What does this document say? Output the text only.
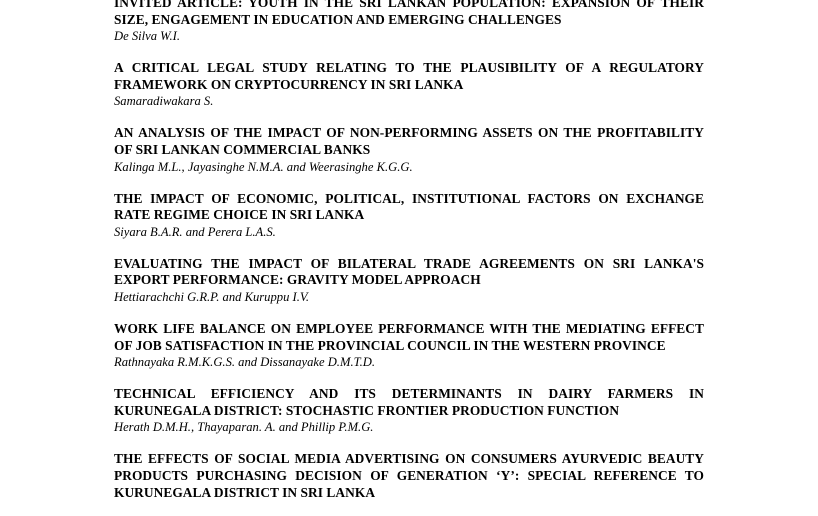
INVITED ARTICLE: YOUTH IN THE SRI LANKAN POPULATION: EXPANSION OF THEIR SIZE, ENGAGEMENT IN EDUCATION AND EMERGING CHALLENGES
De Silva W.I.
A CRITICAL LEGAL STUDY RELATING TO THE PLAUSIBILITY OF A REGULATORY FRAMEWORK ON CRYPTOCURRENCY IN SRI LANKA
Samaradiwakara S.
AN ANALYSIS OF THE IMPACT OF NON-PERFORMING ASSETS ON THE PROFITABILITY OF SRI LANKAN COMMERCIAL BANKS
Kalinga M.L., Jayasinghe N.M.A. and Weerasinghe K.G.G.
THE IMPACT OF ECONOMIC, POLITICAL, INSTITUTIONAL FACTORS ON EXCHANGE RATE REGIME CHOICE IN SRI LANKA
Siyara B.A.R. and Perera L.A.S.
EVALUATING THE IMPACT OF BILATERAL TRADE AGREEMENTS ON SRI LANKA'S EXPORT PERFORMANCE: GRAVITY MODEL APPROACH
Hettiarachchi G.R.P. and Kuruppu I.V.
WORK LIFE BALANCE ON EMPLOYEE PERFORMANCE WITH THE MEDIATING EFFECT OF JOB SATISFACTION IN THE PROVINCIAL COUNCIL IN THE WESTERN PROVINCE
Rathnayaka R.M.K.G.S. and Dissanayake D.M.T.D.
TECHNICAL EFFICIENCY AND ITS DETERMINANTS IN DAIRY FARMERS IN KURUNEGALA DISTRICT: STOCHASTIC FRONTIER PRODUCTION FUNCTION
Herath D.M.H., Thayaparan. A. and Phillip P.M.G.
THE EFFECTS OF SOCIAL MEDIA ADVERTISING ON CONSUMERS AYURVEDIC BEAUTY PRODUCTS PURCHASING DECISION OF GENERATION ‘Y’: SPECIAL REFERENCE TO KURUNEGALA DISTRICT IN SRI LANKA
